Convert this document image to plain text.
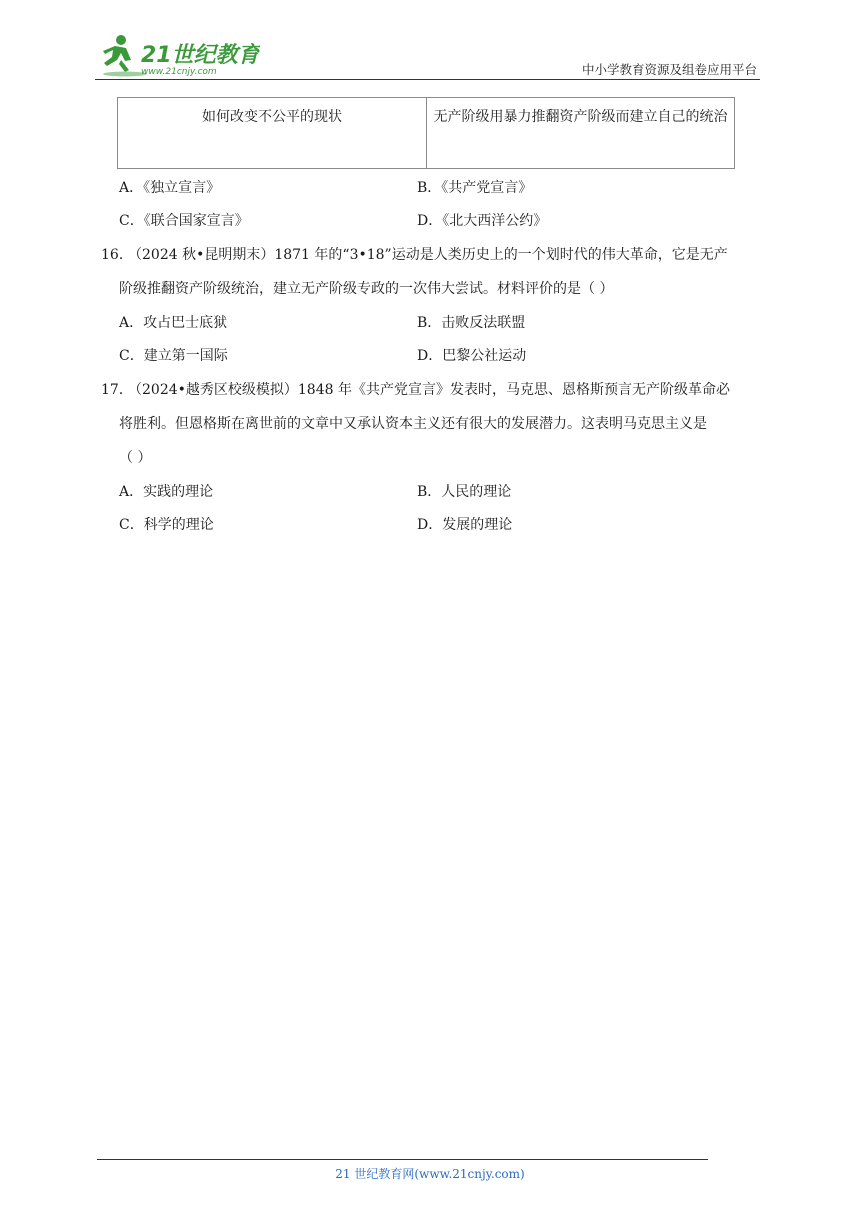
21世纪教育
www.21cnjy.com	中小学教育资源及组卷应用平台
如何改变不公平的现状	无产阶级用暴力推翻资产阶级而建立自己的统治
A．《独立宣言》	B．《共产党宣言》
C．《联合国家宣言》	D．《北大西洋公约》
16．
（2024 秋•昆明期末）1871 年的“3•18”运动是人类历史上的一个划时代的伟大革命，它是无产
阶级推翻资产阶级统治，建立无产阶级专政的一次伟大尝试。材料评价的是（ ）
A．攻占巴士底狱	B．击败反法联盟
C．建立第一国际	D．巴黎公社运动
17．
（2024•越秀区校级模拟）1848 年《共产党宣言》发表时，马克思、恩格斯预言无产阶级革命必
将胜利。但恩格斯在离世前的文章中又承认资本主义还有很大的发展潜力。这表明马克思主义是
（ ）
A．实践的理论	B．人民的理论
C．科学的理论	D．发展的理论
21 世纪教育网(www.21cnjy.com)
